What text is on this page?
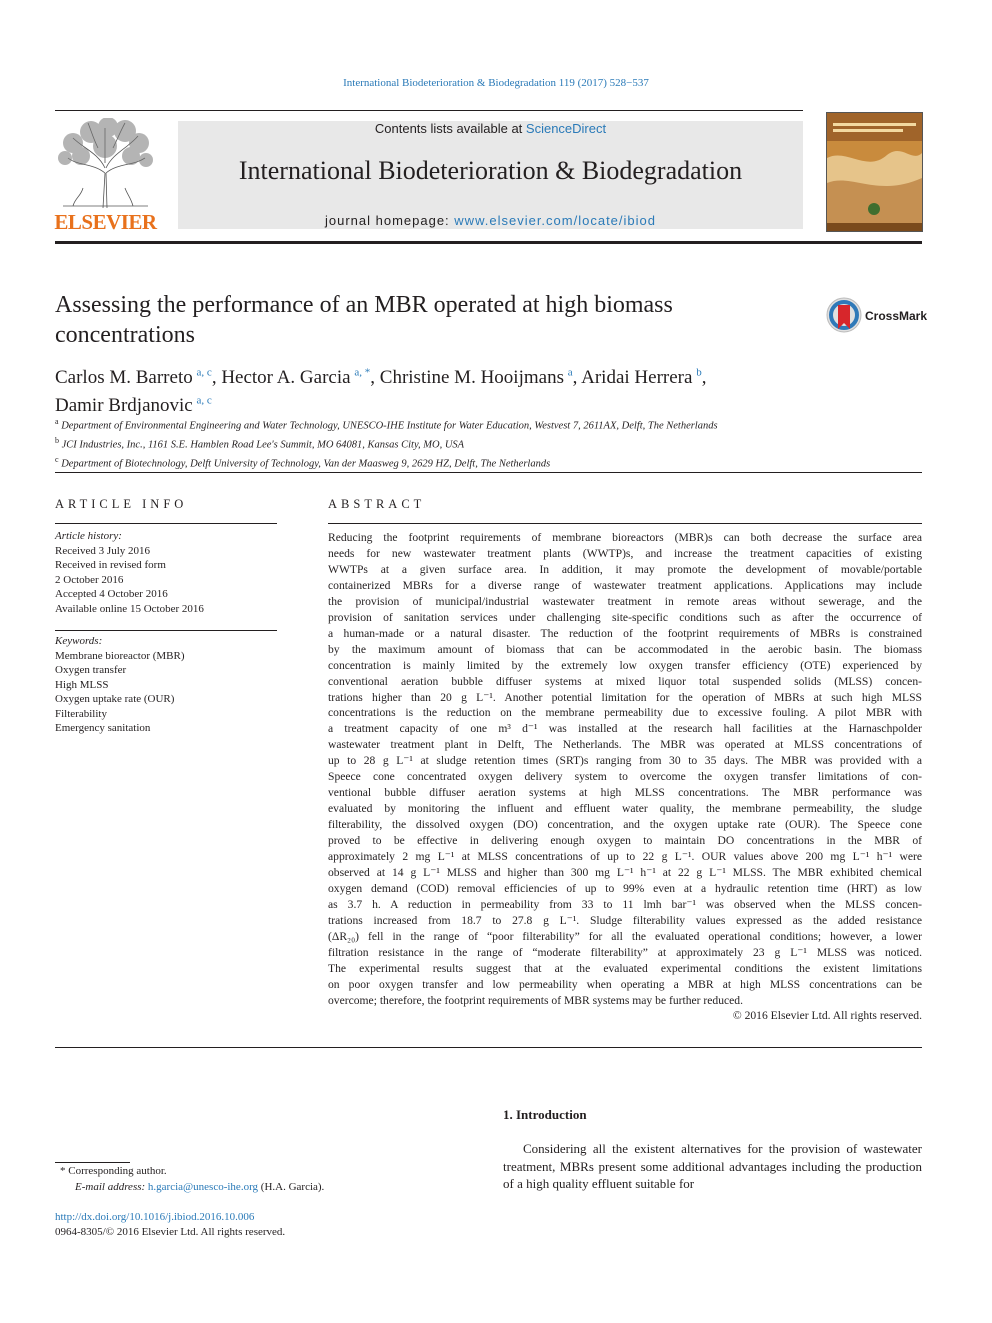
International Biodeterioration & Biodegradation 119 (2017) 528−537
ELSEVIER
Contents lists available at ScienceDirect
International Biodeterioration & Biodegradation
journal homepage: www.elsevier.com/locate/ibiod
Assessing the performance of an MBR operated at high biomass concentrations
CrossMark
Carlos M. Barreto  $^{a, c}$, Hector A. Garcia  $^{a, *}$, Christine M. Hooijmans  $^a$, Aridai Herrera  $^b$,
Damir Brdjanovic  $^{a, c}$
$^a$ Department of Environmental Engineering and Water Technology, UNESCO-IHE Institute for Water Education, Westvest 7, 2611AX, Delft, The Netherlands
$^b$ JCI Industries, Inc., 1161 S.E. Hamblen Road Lee's Summit, MO 64081, Kansas City, MO, USA
$^c$ Department of Biotechnology, Delft University of Technology, Van der Maasweg 9, 2629 HZ, Delft, The Netherlands
ARTICLE INFO
Article history:
Received 3 July 2016
Received in revised form
2 October 2016
Accepted 4 October 2016
Available online 15 October 2016
Keywords:
Membrane bioreactor (MBR)
Oxygen transfer
High MLSS
Oxygen uptake rate (OUR)
Filterability
Emergency sanitation
ABSTRACT
Reducing the footprint requirements of membrane bioreactors (MBR)s can both decrease the surface area
needs for new wastewater treatment plants (WWTP)s, and increase the treatment capacities of existing
WWTPs at a given surface area. In addition, it may promote the development of movable/portable
containerized MBRs for a diverse range of wastewater treatment applications. Applications may include
the provision of municipal/industrial wastewater treatment in remote areas without sewerage, and the
provision of sanitation services under challenging site-specific conditions such as after the occurrence of
a human-made or a natural disaster. The reduction of the footprint requirements of MBRs is constrained
by the maximum amount of biomass that can be accommodated in the aerobic basin. The biomass
concentration is mainly limited by the extremely low oxygen transfer efficiency (OTE) experienced by
conventional aeration bubble diffuser systems at mixed liquor total suspended solids (MLSS) concen-
trations higher than 20 g L⁻¹. Another potential limitation for the operation of MBRs at such high MLSS
concentrations is the reduction on the membrane permeability due to excessive fouling. A pilot MBR with
a treatment capacity of one m³ d⁻¹ was installed at the research hall facilities at the Harnaschpolder
wastewater treatment plant in Delft, The Netherlands. The MBR was operated at MLSS concentrations of
up to 28 g L⁻¹ at sludge retention times (SRT)s ranging from 30 to 35 days. The MBR was provided with a
Speece cone concentrated oxygen delivery system to overcome the oxygen transfer limitations of con-
ventional bubble diffuser aeration systems at high MLSS concentrations. The MBR performance was
evaluated by monitoring the influent and effluent water quality, the membrane permeability, the sludge
filterability, the dissolved oxygen (DO) concentration, and the oxygen uptake rate (OUR). The Speece cone
proved to be effective in delivering enough oxygen to maintain DO concentrations in the MBR of
approximately 2 mg L⁻¹ at MLSS concentrations of up to 22 g L⁻¹. OUR values above 200 mg L⁻¹ h⁻¹ were
observed at 14 g L⁻¹ MLSS and higher than 300 mg L⁻¹ h⁻¹ at 22 g L⁻¹ MLSS. The MBR exhibited chemical
oxygen demand (COD) removal efficiencies of up to 99% even at a hydraulic retention time (HRT) as low
as 3.7 h. A reduction in permeability from 33 to 11 lmh bar⁻¹ was observed when the MLSS concen-
trations increased from 18.7 to 27.8 g L⁻¹. Sludge filterability values expressed as the added resistance
(ΔR₂₀) fell in the range of “poor filterability” for all the evaluated operational conditions; however, a lower
filtration resistance in the range of “moderate filterability” at approximately 23 g L⁻¹ MLSS was noticed.
The experimental results suggest that at the evaluated experimental conditions the existent limitations
on poor oxygen transfer and low permeability when operating a MBR at high MLSS concentrations can be
overcome; therefore, the footprint requirements of MBR systems may be further reduced.
© 2016 Elsevier Ltd. All rights reserved.
1. Introduction
Considering all the existent alternatives for the provision of wastewater treatment, MBRs present some additional advantages including the production of a high quality effluent suitable for
* Corresponding author.
E-mail address: h.garcia@unesco-ihe.org (H.A. Garcia).
http://dx.doi.org/10.1016/j.ibiod.2016.10.006
0964-8305/© 2016 Elsevier Ltd. All rights reserved.
